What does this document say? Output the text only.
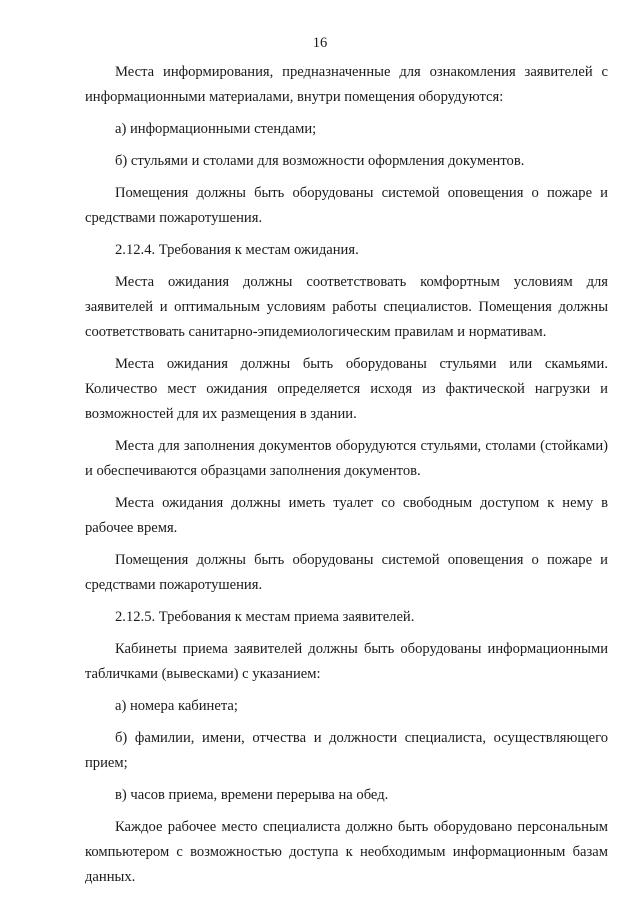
16

Места информирования, предназначенные для ознакомления заявителей с информационными материалами, внутри помещения оборудуются:

а) информационными стендами;

б) стульями и столами для возможности оформления документов.

Помещения должны быть оборудованы системой оповещения о пожаре и средствами пожаротушения.

2.12.4. Требования к местам ожидания.

Места ожидания должны соответствовать комфортным условиям для заявителей и оптимальным условиям работы специалистов. Помещения должны соответствовать санитарно-эпидемиологическим правилам и нормативам.

Места ожидания должны быть оборудованы стульями или скамьями. Количество мест ожидания определяется исходя из фактической нагрузки и возможностей для их размещения в здании.

Места для заполнения документов оборудуются стульями, столами (стойками) и обеспечиваются образцами заполнения документов.

Места ожидания должны иметь туалет со свободным доступом к нему в рабочее время.

Помещения должны быть оборудованы системой оповещения о пожаре и средствами пожаротушения.

2.12.5. Требования к местам приема заявителей.

Кабинеты приема заявителей должны быть оборудованы информационными табличками (вывесками) с указанием:

а) номера кабинета;

б) фамилии, имени, отчества и должности специалиста, осуществляющего прием;

в) часов приема, времени перерыва на обед.

Каждое рабочее место специалиста должно быть оборудовано персональным компьютером с возможностью доступа к необходимым информационным базам данных.
